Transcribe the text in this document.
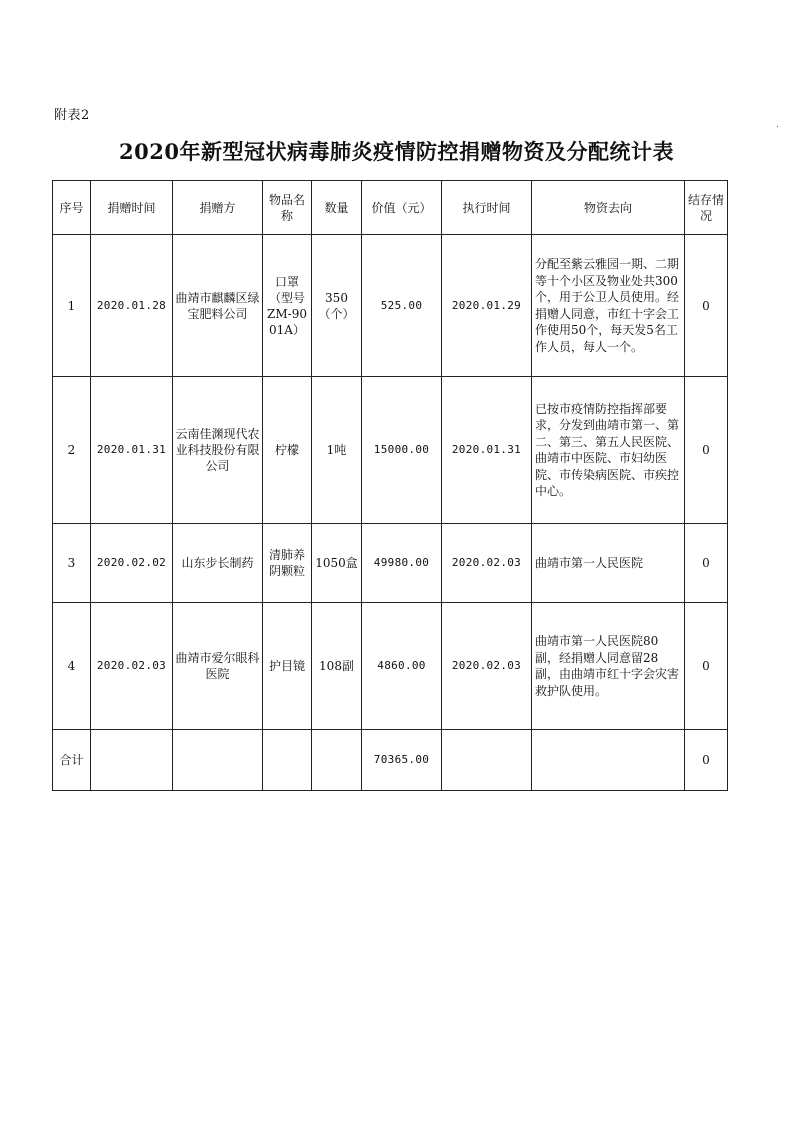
附表2
2020年新型冠状病毒肺炎疫情防控捐赠物资及分配统计表
.
序号	捐赠时间	捐赠方	物品名称	数量	价值（元）	执行时间	物资去向	结存情况
1	2020.01.28	曲靖市麒麟区绿宝肥料公司	口罩（型号ZM-9001A）	350（个）	525.00	2020.01.29	分配至紫云雅园一期、二期等十个小区及物业处共300个，用于公卫人员使用。经捐赠人同意，市红十字会工作使用50个，每天发5名工作人员，每人一个。	0
2	2020.01.31	云南佳渊现代农业科技股份有限公司	柠檬	1吨	15000.00	2020.01.31	已按市疫情防控指挥部要求，分发到曲靖市第一、第二、第三、第五人民医院、曲靖市中医院、市妇幼医院、市传染病医院、市疾控中心。	0
3	2020.02.02	山东步长制药	清肺养阴颗粒	1050盒	49980.00	2020.02.03	曲靖市第一人民医院	0
4	2020.02.03	曲靖市爱尔眼科医院	护目镜	108副	4860.00	2020.02.03	曲靖市第一人民医院80副，经捐赠人同意留28副，由曲靖市红十字会灾害救护队使用。	0
合计					70365.00			0
